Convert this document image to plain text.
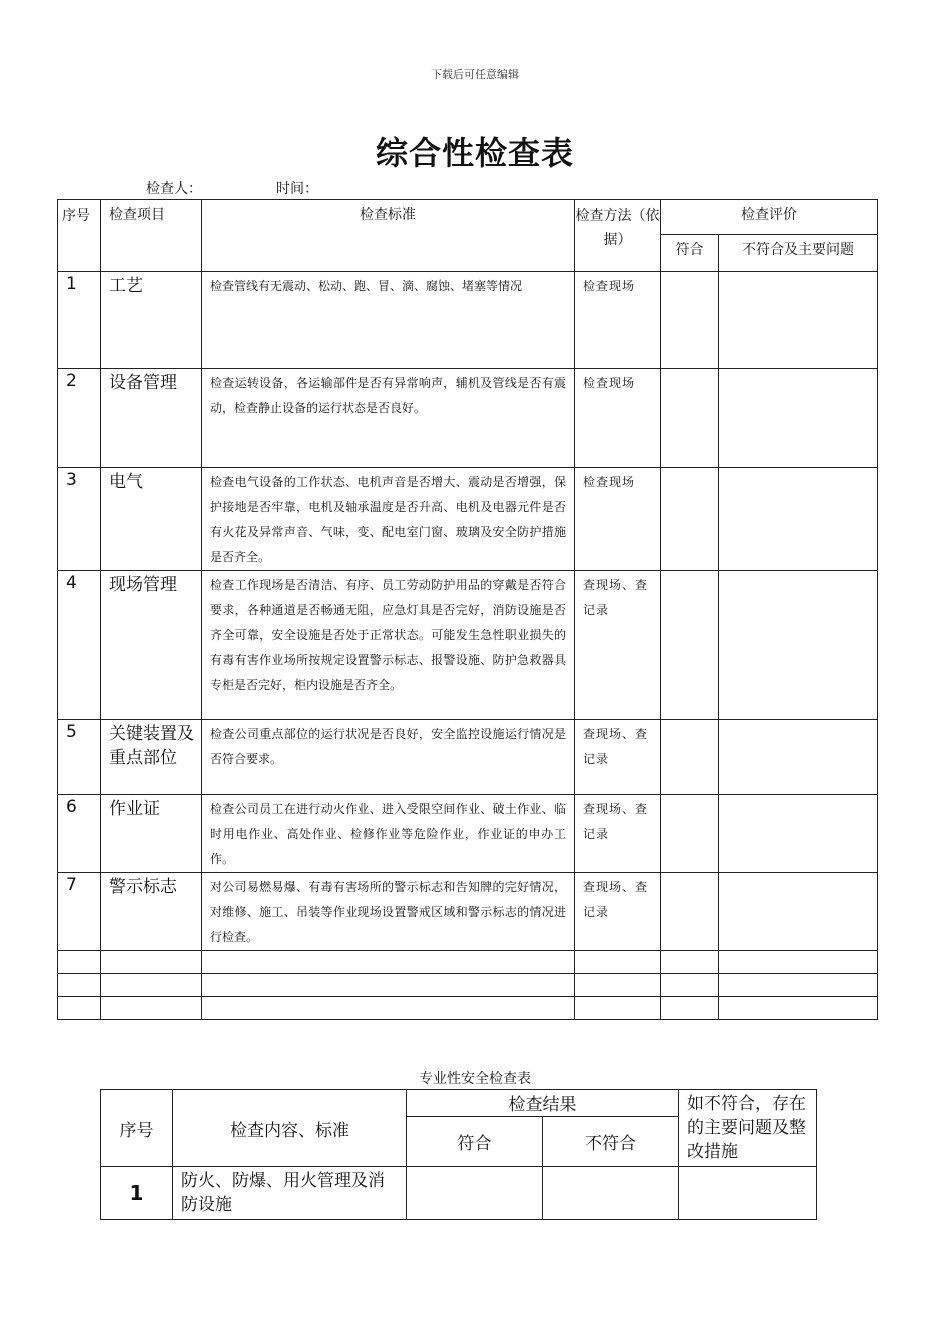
下载后可任意编辑
综合性检查表
检查人：	时间：
序号	检查项目	检查标准	检查方法（依据）	检查评价	
				符合	不符合及主要问题
1	工艺	检查管线有无震动、松动、跑、冒、滴、腐蚀、堵塞等情况	检查现场		
2	设备管理	检查运转设备，各运输部件是否有异常响声，辅机及管线是否有震动，检查静止设备的运行状态是否良好。	检查现场		
3	电气	检查电气设备的工作状态、电机声音是否增大、震动是否增强，保护接地是否牢靠，电机及轴承温度是否升高、电机及电器元件是否有火花及异常声音、气味，变、配电室门窗、玻璃及安全防护措施是否齐全。	检查现场		
4	现场管理	检查工作现场是否清洁、有序、员工劳动防护用品的穿戴是否符合要求，各种通道是否畅通无阻，应急灯具是否完好，消防设施是否齐全可靠，安全设施是否处于正常状态。可能发生急性职业损失的有毒有害作业场所按规定设置警示标志、报警设施、防护急救器具专柜是否完好，柜内设施是否齐全。	查现场、查记录		
5	关键装置及重点部位	检查公司重点部位的运行状况是否良好，安全监控设施运行情况是否符合要求。	查现场、查记录		
6	作业证	检查公司员工在进行动火作业、进入受限空间作业、破土作业、临时用电作业、高处作业、检修作业等危险作业，作业证的申办工作。	查现场、查记录		
7	警示标志	对公司易燃易爆、有毒有害场所的警示标志和告知牌的完好情况，对维修、施工、吊装等作业现场设置警戒区域和警示标志的情况进行检查。	查现场、查记录		

专业性安全检查表
序号	检查内容、标准	检查结果		如不符合，存在的主要问题及整改措施
		符合	不符合	
1	防火、防爆、用火管理及消防设施			
